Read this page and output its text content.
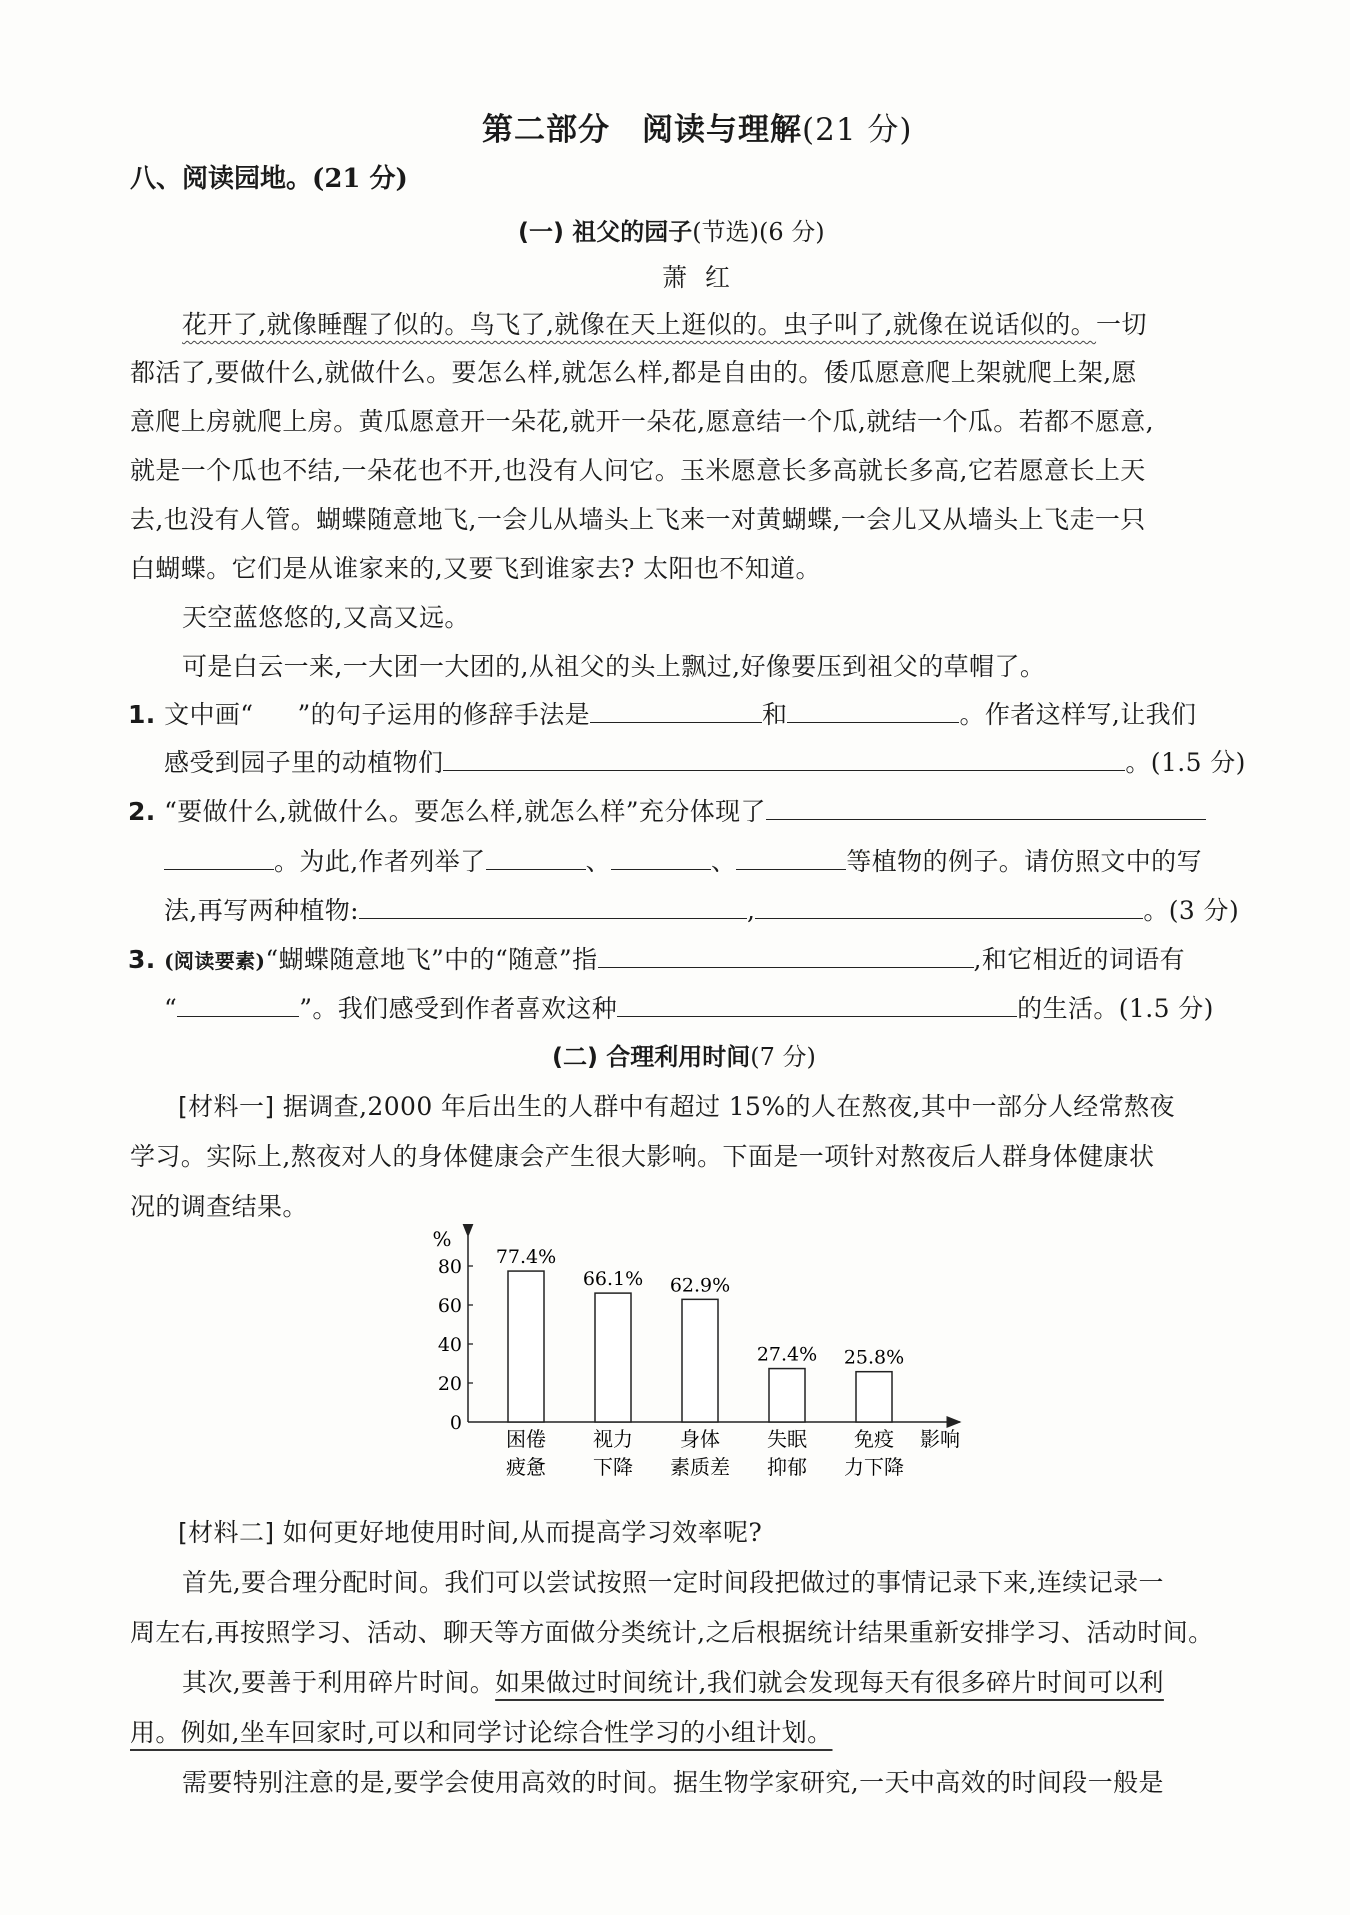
第二部分　阅读与理解(21 分)
八、阅读园地。(21 分)
(一) 祖父的园子(节选)(6 分)
萧红
花开了,就像睡醒了似的。鸟飞了,就像在天上逛似的。虫子叫了,就像在说话似的。一切
都活了,要做什么,就做什么。要怎么样,就怎么样,都是自由的。倭瓜愿意爬上架就爬上架,愿
意爬上房就爬上房。黄瓜愿意开一朵花,就开一朵花,愿意结一个瓜,就结一个瓜。若都不愿意,
就是一个瓜也不结,一朵花也不开,也没有人问它。玉米愿意长多高就长多高,它若愿意长上天
去,也没有人管。蝴蝶随意地飞,一会儿从墙头上飞来一对黄蝴蝶,一会儿又从墙头上飞走一只
白蝴蝶。它们是从谁家来的,又要飞到谁家去? 太阳也不知道。
天空蓝悠悠的,又高又远。
可是白云一来,一大团一大团的,从祖父的头上飘过,好像要压到祖父的草帽了。
1. 文中画“ ”的句子运用的修辞手法是	和	。作者这样写,让我们
感受到园子里的动植物们	。(1.5 分)
2. “要做什么,就做什么。要怎么样,就怎么样”充分体现了
。为此,作者列举了	、	、	等植物的例子。请仿照文中的写
法,再写两种植物:	,	。(3 分)
3. (阅读要素)“蝴蝶随意地飞”中的“随意”指	,和它相近的词语有
“	”。我们感受到作者喜欢这种	的生活。(1.5 分)
(二) 合理利用时间(7 分)
[材料一] 据调查,2000 年后出生的人群中有超过 15%的人在熬夜,其中一部分人经常熬夜
学习。实际上,熬夜对人的身体健康会产生很大影响。下面是一项针对熬夜后人群身体健康状
况的调查结果。
%
0
20
40
60
80 77.4%
66.1% 62.9%
27.4% 25.8%
困倦
疲惫
视力
下降
身体
素质差
失眠
抑郁
免疫
力下降
影响
[材料二] 如何更好地使用时间,从而提高学习效率呢?
首先,要合理分配时间。我们可以尝试按照一定时间段把做过的事情记录下来,连续记录一
周左右,再按照学习、活动、聊天等方面做分类统计,之后根据统计结果重新安排学习、活动时间。
其次,要善于利用碎片时间。如果做过时间统计,我们就会发现每天有很多碎片时间可以利
用。例如,坐车回家时,可以和同学讨论综合性学习的小组计划。
需要特别注意的是,要学会使用高效的时间。据生物学家研究,一天中高效的时间段一般是
